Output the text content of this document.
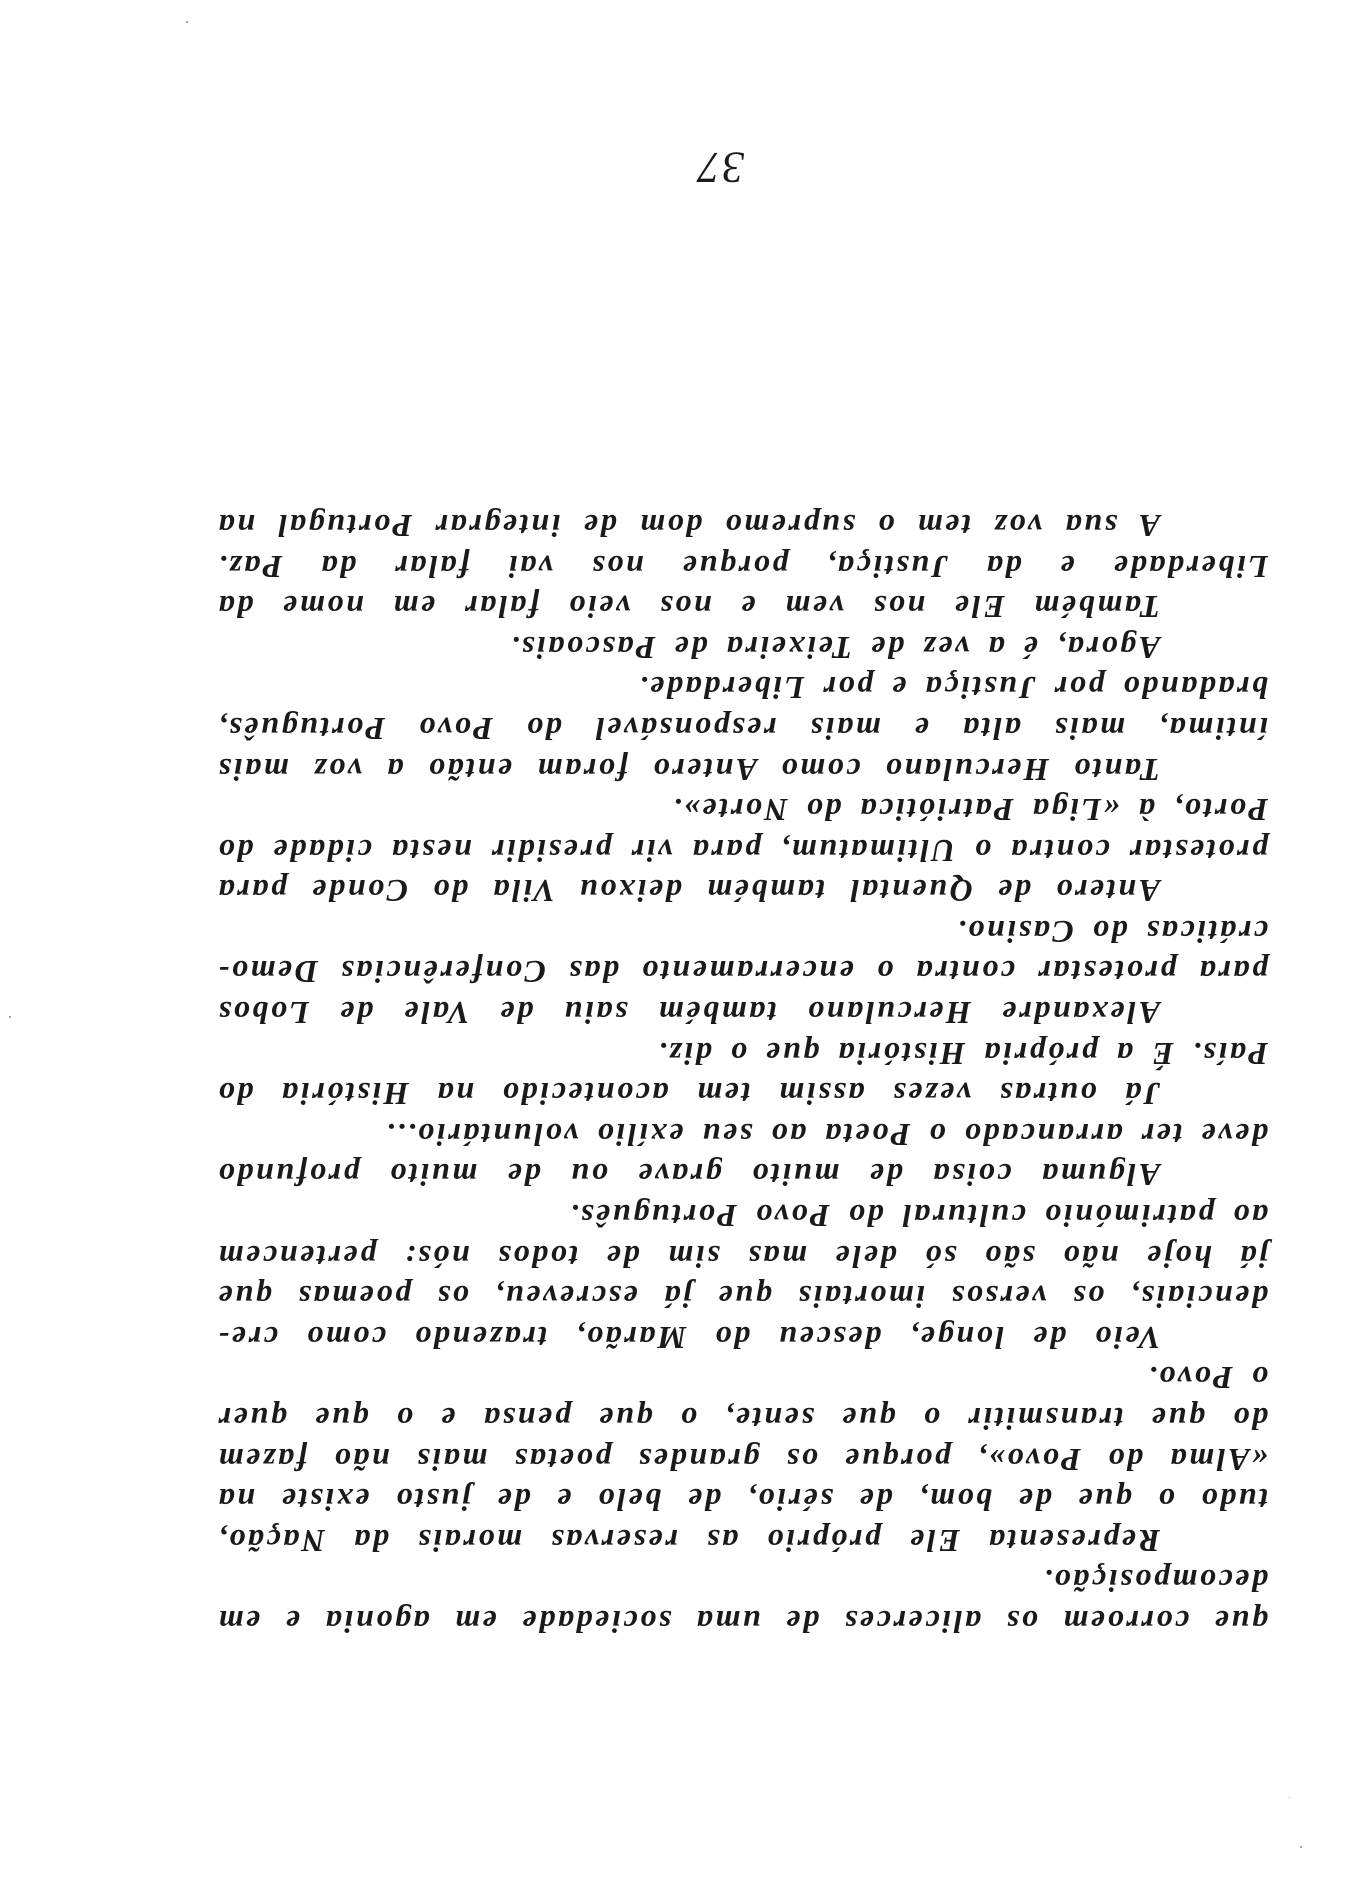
que corroem os alicerces de uma sociedade em agonia e em
decomposição.
Representa Ele próprio as reservas morais da Nação,
tudo o que de bom, de sério, de belo e de justo existe na
«Alma do Povo», porque os grandes poetas mais não fazem
do que transmitir o que sente, o que pensa e o que quer
o Povo.
Veio de longe, desceu do Marão, trazendo como cre-
denciais, os versos imortais que já escreveu, os poemas que
já hoje não são só dele mas sim de todos nós: pertencem
ao património cultural do Povo Português.
Alguma coisa de muito grave ou de muito profundo
deve ter arrancado o Poeta ao seu exílio voluntário...
Já outras vezes assim tem acontecido na História do
País. É a própria História que o diz.
Alexandre Herculano também saiu de Vale de Lobos
para protestar contra o encerramento das Conferências Demo-
cráticas do Casino.
Antero de Quental também deixou Vila do Conde para
protestar contra o Ultimatum, para vir presidir nesta cidade do
Porto, à «Liga Patriótica do Norte».
Tanto Herculano como Antero foram então a voz mais
íntima, mais alta e mais responsável do Povo Português,
bradando por Justiça e por Liberdade.
Agora, é a vez de Teixeira de Pascoais.
Também Ele nos vem e nos veio falar em nome da
Liberdade e da Justiça, porque nos vai falar da Paz.
A sua voz tem o supremo dom de integrar Portugal na
37
